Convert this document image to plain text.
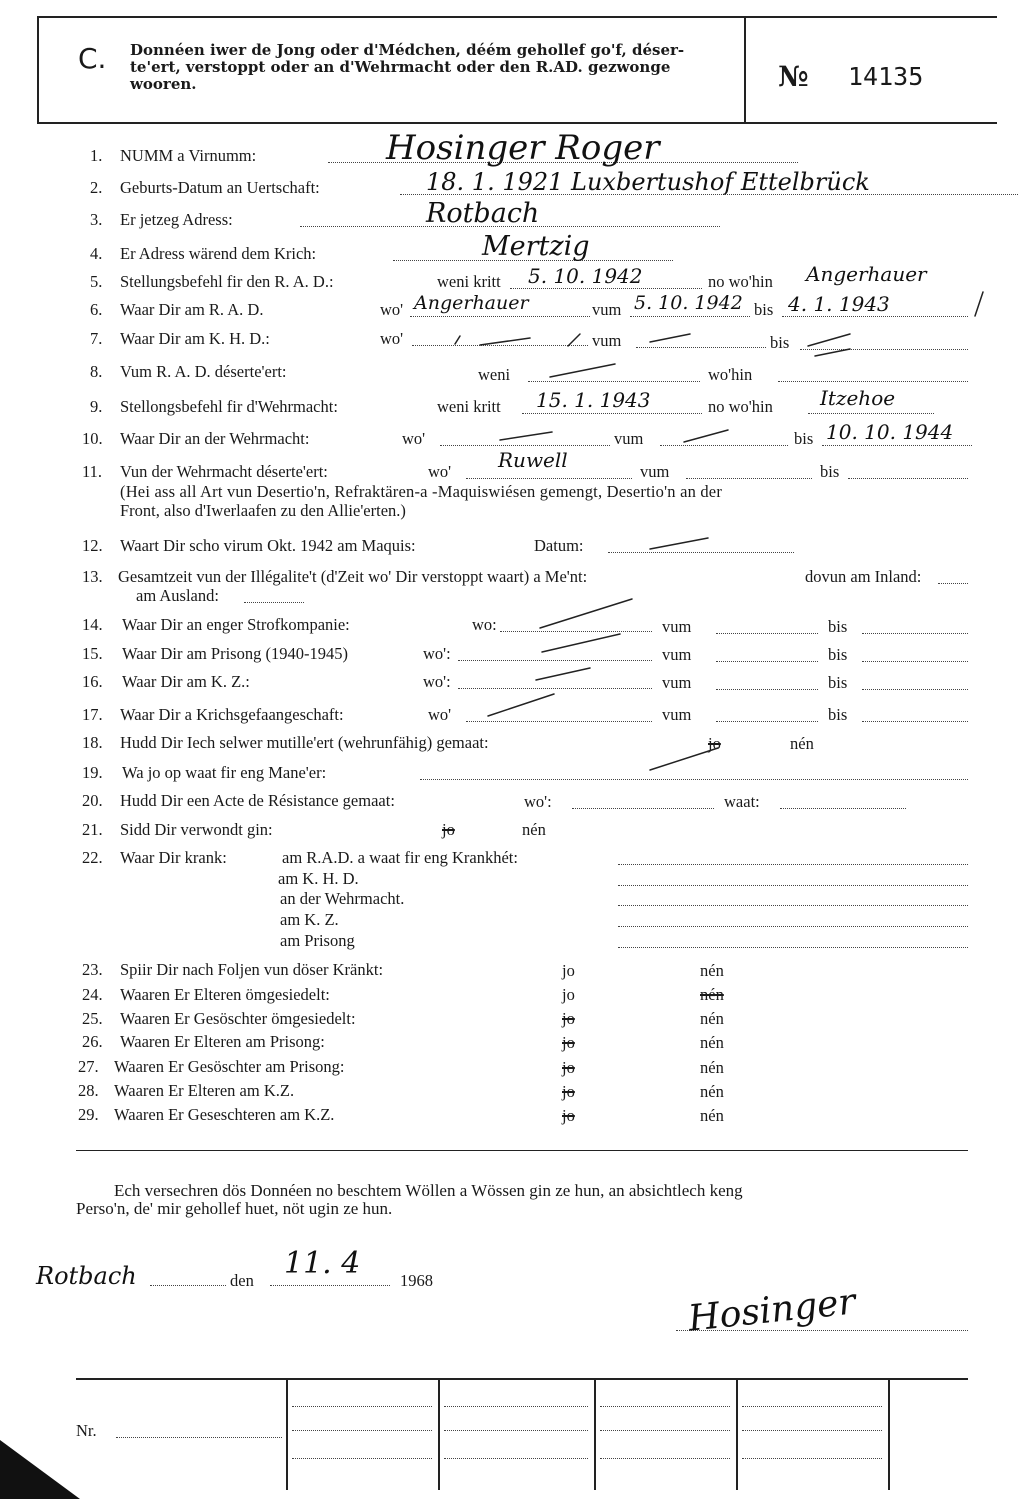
C. Donnéen iwer de Jong oder d'Médchen, déém gehollef go'f, déser-
te'ert, verstoppt oder an d'Wehrmacht oder den R.AD. gezwonge
wooren.	№ 14135
1. NUMM a Virnumm:	Hosinger Roger
2. Geburts-Datum an Uertschaft:	18. 1. 1921 Luxbertushof Ettelbrück
3. Er jetzeg Adress:	Rotbach
4. Er Adress wärend dem Krich:	Mertzig
5. Stellungsbefehl fir den R. A. D.:	weni kritt 5. 10. 1942	no wo'hin Angerhauer
6. Waar Dir am R. A. D.	wo' Angerhauer	vum 5. 10. 1942 bis 4. 1. 1943
7. Waar Dir am K. H. D.:	wo'	vum	bis
8. Vum R. A. D. déserte'ert:	weni	wo'hin
9. Stellongsbefehl fir d'Wehrmacht:	weni kritt 15. 1. 1943	no wo'hin Itzehoe
10. Waar Dir an der Wehrmacht:	wo'	vum	bis 10. 10. 1944
11. Vun der Wehrmacht déserte'ert:	wo' Ruwell	vum	bis
(Hei ass all Art vun Desertio'n, Refraktären-a -Maquiswiésen gemengt, Desertio'n an der
Front, also d'Iwerlaafen zu den Allie'erten.)
12. Waart Dir scho virum Okt. 1942 am Maquis:	Datum:
13. Gesamtzeit vun der Illégalite't (d'Zeit wo' Dir verstoppt waart) a Me'nt:	dovun am Inland:
am Ausland:
14. Waar Dir an enger Strofkompanie:	wo:	vum	bis
15. Waar Dir am Prisong (1940-1945)	wo':	vum	bis
16. Waar Dir am K. Z.:	wo':	vum	bis
17. Waar Dir a Krichsgefaangeschaft:	wo'	vum	bis
18. Hudd Dir Iech selwer mutille'ert (wehrunfähig) gemaat:	jo	nén
19. Wa jo op waat fir eng Mane'er:
20. Hudd Dir een Acte de Résistance gemaat:	wo':	waat:
21. Sidd Dir verwondt gin:	jo	nén
22. Waar Dir krank:	am R.A.D. a waat fir eng Krankhét:
am K. H. D.
an der Wehrmacht.
am K. Z.
am Prisong
23. Spiir Dir nach Foljen vun döser Kränkt:	jo	nén
24. Waaren Er Elteren ömgesiedelt:	jo	nén
25. Waaren Er Gesöschter ömgesiedelt:	jo	nén
26. Waaren Er Elteren am Prisong:	jo	nén
27. Waaren Er Gesöschter am Prisong:	jo	nén
28. Waaren Er Elteren am K.Z.	jo	nén
29. Waaren Er Geseschteren am K.Z.	jo	nén
Ech versechren dös Donnéen no beschtem Wöllen a Wössen gin ze hun, an absichtlech keng
Perso'n, de' mir gehollef huet, nöt ugin ze hun.
Rotbach	den 11. 4 1968
Hosinger
Nr.
